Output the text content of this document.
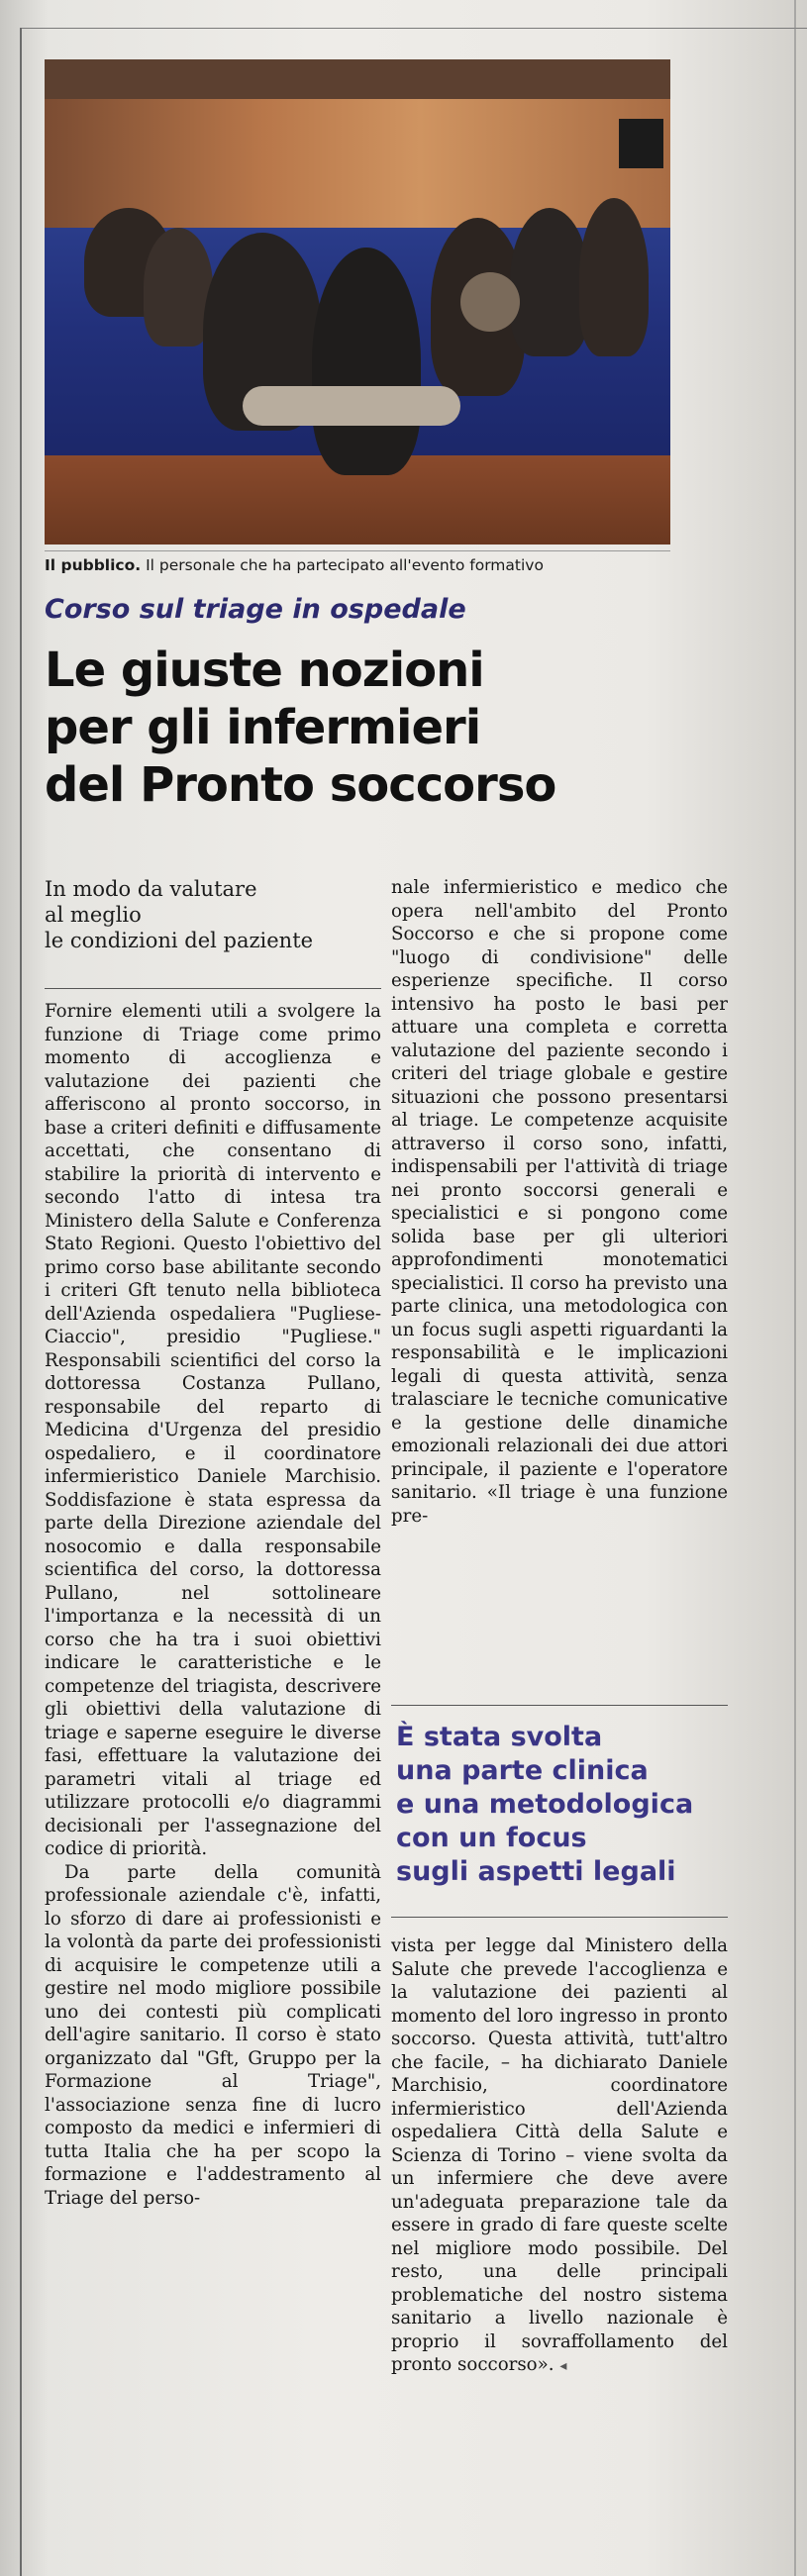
Il pubblico. Il personale che ha partecipato all'evento formativo
Corso sul triage in ospedale
Le giuste nozioni
per gli infermieri
del Pronto soccorso
In modo da valutare
al meglio
le condizioni del paziente

Fornire elementi utili a svolgere la funzione di Triage come primo momento di accoglienza e valutazione dei pazienti che afferiscono al pronto soccorso, in base a criteri definiti e diffusamente accettati, che consentano di stabilire la priorità di intervento e secondo l'atto di intesa tra Ministero della Salute e Conferenza Stato Regioni. Questo l'obiettivo del primo corso base abilitante secondo i criteri Gft tenuto nella biblioteca dell'Azienda ospedaliera "Pugliese-Ciaccio", presidio "Pugliese." Responsabili scientifici del corso la dottoressa Costanza Pullano, responsabile del reparto di Medicina d'Urgenza del presidio ospedaliero, e il coordinatore infermieristico Daniele Marchisio. Soddisfazione è stata espressa da parte della Direzione aziendale del nosocomio e dalla responsabile scientifica del corso, la dottoressa Pullano, nel sottolineare l'importanza e la necessità di un corso che ha tra i suoi obiettivi indicare le caratteristiche e le competenze del triagista, descrivere gli obiettivi della valutazione di triage e saperne eseguire le diverse fasi, effettuare la valutazione dei parametri vitali al triage ed utilizzare protocolli e/o diagrammi decisionali per l'assegnazione del codice di priorità.

Da parte della comunità professionale aziendale c'è, infatti, lo sforzo di dare ai professionisti e la volontà da parte dei professionisti di acquisire le competenze utili a gestire nel modo migliore possibile uno dei contesti più complicati dell'agire sanitario. Il corso è stato organizzato dal "Gft, Gruppo per la Formazione al Triage", l'associazione senza fine di lucro composto da medici e infermieri di tutta Italia che ha per scopo la formazione e l'addestramento al Triage del perso-

nale infermieristico e medico che opera nell'ambito del Pronto Soccorso e che si propone come "luogo di condivisione" delle esperienze specifiche. Il corso intensivo ha posto le basi per attuare una completa e corretta valutazione del paziente secondo i criteri del triage globale e gestire situazioni che possono presentarsi al triage. Le competenze acquisite attraverso il corso sono, infatti, indispensabili per l'attività di triage nei pronto soccorsi generali e specialistici e si pongono come solida base per gli ulteriori approfondimenti monotematici specialistici. Il corso ha previsto una parte clinica, una metodologica con un focus sugli aspetti riguardanti la responsabilità e le implicazioni legali di questa attività, senza tralasciare le tecniche comunicative e la gestione delle dinamiche emozionali relazionali dei due attori principale, il paziente e l'operatore sanitario. «Il triage è una funzione pre-

È stata svolta
una parte clinica
e una metodologica
con un focus
sugli aspetti legali

vista per legge dal Ministero della Salute che prevede l'accoglienza e la valutazione dei pazienti al momento del loro ingresso in pronto soccorso. Questa attività, tutt'altro che facile, – ha dichiarato Daniele Marchisio, coordinatore infermieristico dell'Azienda ospedaliera Città della Salute e Scienza di Torino – viene svolta da un infermiere che deve avere un'adeguata preparazione tale da essere in grado di fare queste scelte nel migliore modo possibile. Del resto, una delle principali problematiche del nostro sistema sanitario a livello nazionale è proprio il sovraffollamento del pronto soccorso». ◂
